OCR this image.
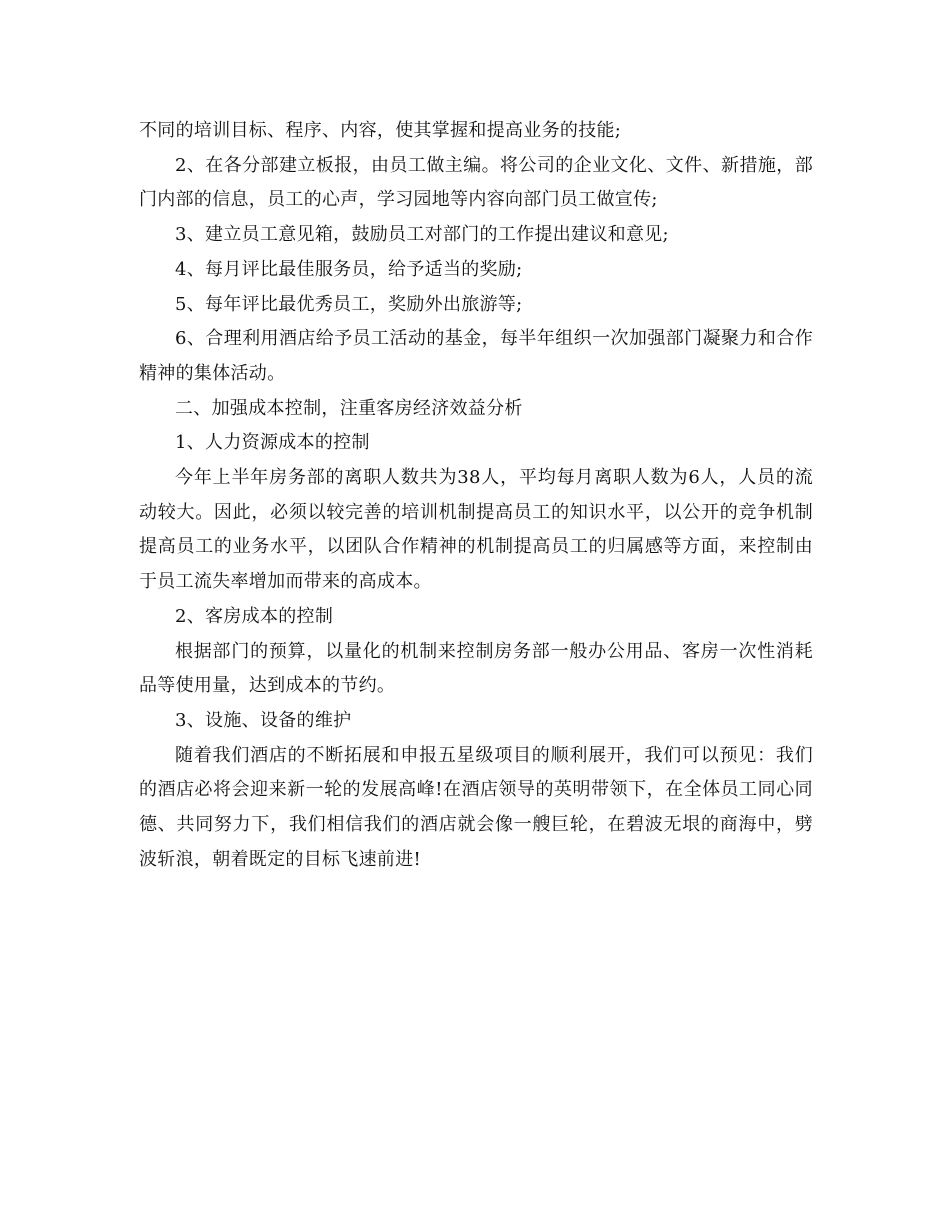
不同的培训目标、程序、内容，使其掌握和提高业务的技能;

2、在各分部建立板报，由员工做主编。将公司的企业文化、文件、新措施，部门内部的信息，员工的心声，学习园地等内容向部门员工做宣传;

3、建立员工意见箱，鼓励员工对部门的工作提出建议和意见;

4、每月评比最佳服务员，给予适当的奖励;

5、每年评比最优秀员工，奖励外出旅游等;

6、合理利用酒店给予员工活动的基金，每半年组织一次加强部门凝聚力和合作精神的集体活动。

二、加强成本控制，注重客房经济效益分析

1、人力资源成本的控制

今年上半年房务部的离职人数共为38人，平均每月离职人数为6人，人员的流动较大。因此，必须以较完善的培训机制提高员工的知识水平，以公开的竞争机制提高员工的业务水平，以团队合作精神的机制提高员工的归属感等方面，来控制由于员工流失率增加而带来的高成本。

2、客房成本的控制

根据部门的预算，以量化的机制来控制房务部一般办公用品、客房一次性消耗品等使用量，达到成本的节约。

3、设施、设备的维护

随着我们酒店的不断拓展和申报五星级项目的顺利展开，我们可以预见：我们的酒店必将会迎来新一轮的发展高峰!在酒店领导的英明带领下，在全体员工同心同德、共同努力下，我们相信我们的酒店就会像一艘巨轮，在碧波无垠的商海中，劈波斩浪，朝着既定的目标飞速前进!
